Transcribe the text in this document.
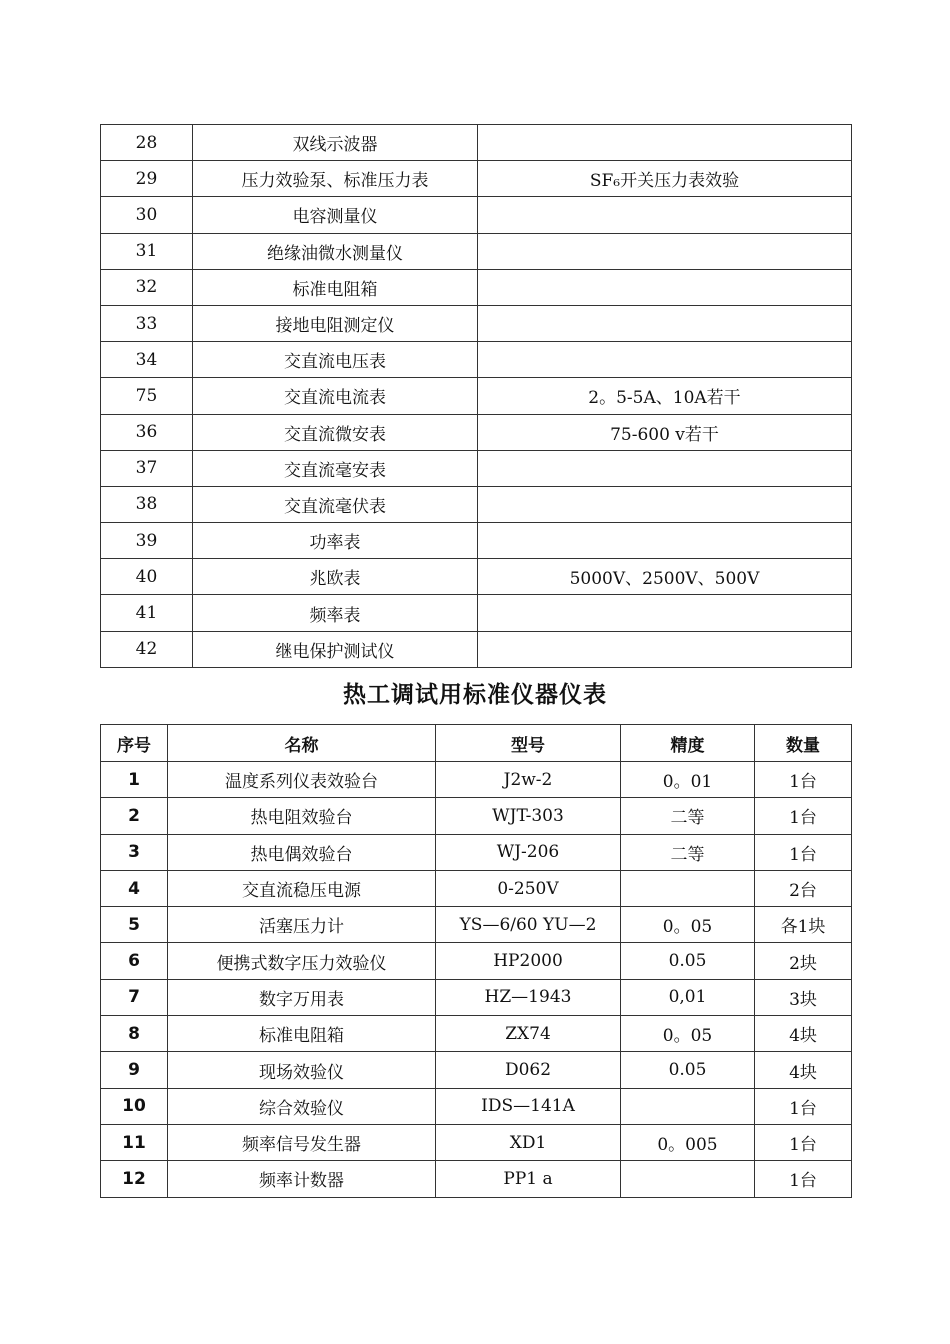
28	双线示波器	
29	压力效验泵、标准压力表	SF₆开关压力表效验
30	电容测量仪	
31	绝缘油微水测量仪	
32	标准电阻箱	
33	接地电阻测定仪	
34	交直流电压表	
75	交直流电流表	2。5-5A、10A若干
36	交直流微安表	75-600 v若干
37	交直流毫安表	
38	交直流毫伏表	
39	功率表	
40	兆欧表	5000V、2500V、500V
41	频率表	
42	继电保护测试仪	
热工调试用标准仪器仪表
序号	名称	型号	精度	数量
1	温度系列仪表效验台	J2w-2	0。01	1台
2	热电阻效验台	WJT-303	二等	1台
3	热电偶效验台	WJ-206	二等	1台
4	交直流稳压电源	0-250V		2台
5	活塞压力计	YS—6/60 YU—2	0。05	各1块
6	便携式数字压力效验仪	HP2000	0.05	2块
7	数字万用表	HZ—1943	0,01	3块
8	标准电阻箱	ZX74	0。05	4块
9	现场效验仪	D062	0.05	4块
10	综合效验仪	IDS—141A		1台
11	频率信号发生器	XD1	0。005	1台
12	频率计数器	PP1 a		1台
